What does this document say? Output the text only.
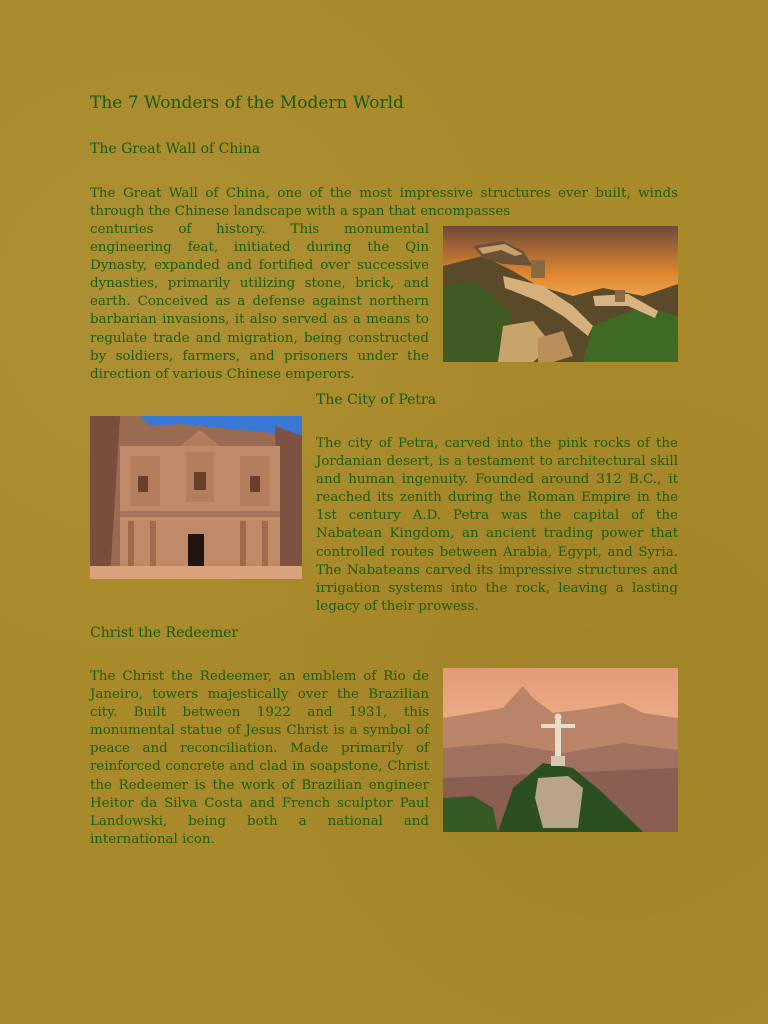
The 7 Wonders of the Modern World
The Great Wall of China
The Great Wall of China, one of the most impressive structures ever built, winds through the Chinese landscape with a span that encompasses
centuries of history. This monumental engineering feat, initiated during the Qin Dynasty, expanded and fortified over successive dynasties, primarily utilizing stone, brick, and earth. Conceived as a defense against northern barbarian invasions, it also served as a means to regulate trade and migration, being constructed by soldiers, farmers, and prisoners under the direction of various Chinese emperors.
The City of Petra
The city of Petra, carved into the pink rocks of the Jordanian desert, is a testament to architectural skill and human ingenuity. Founded around 312 B.C., it reached its zenith during the Roman Empire in the 1st century A.D. Petra was the capital of the Nabatean Kingdom, an ancient trading power that controlled routes between Arabia, Egypt, and Syria. The Nabateans carved its impressive structures and irrigation systems into the rock, leaving a lasting legacy of their prowess.
Christ the Redeemer
The Christ the Redeemer, an emblem of Rio de Janeiro, towers majestically over the Brazilian city. Built between 1922 and 1931, this monumental statue of Jesus Christ is a symbol of peace and reconciliation. Made primarily of reinforced concrete and clad in soapstone, Christ the Redeemer is the work of Brazilian engineer Heitor da Silva Costa and French sculptor Paul Landowski, being both a national and international icon.
